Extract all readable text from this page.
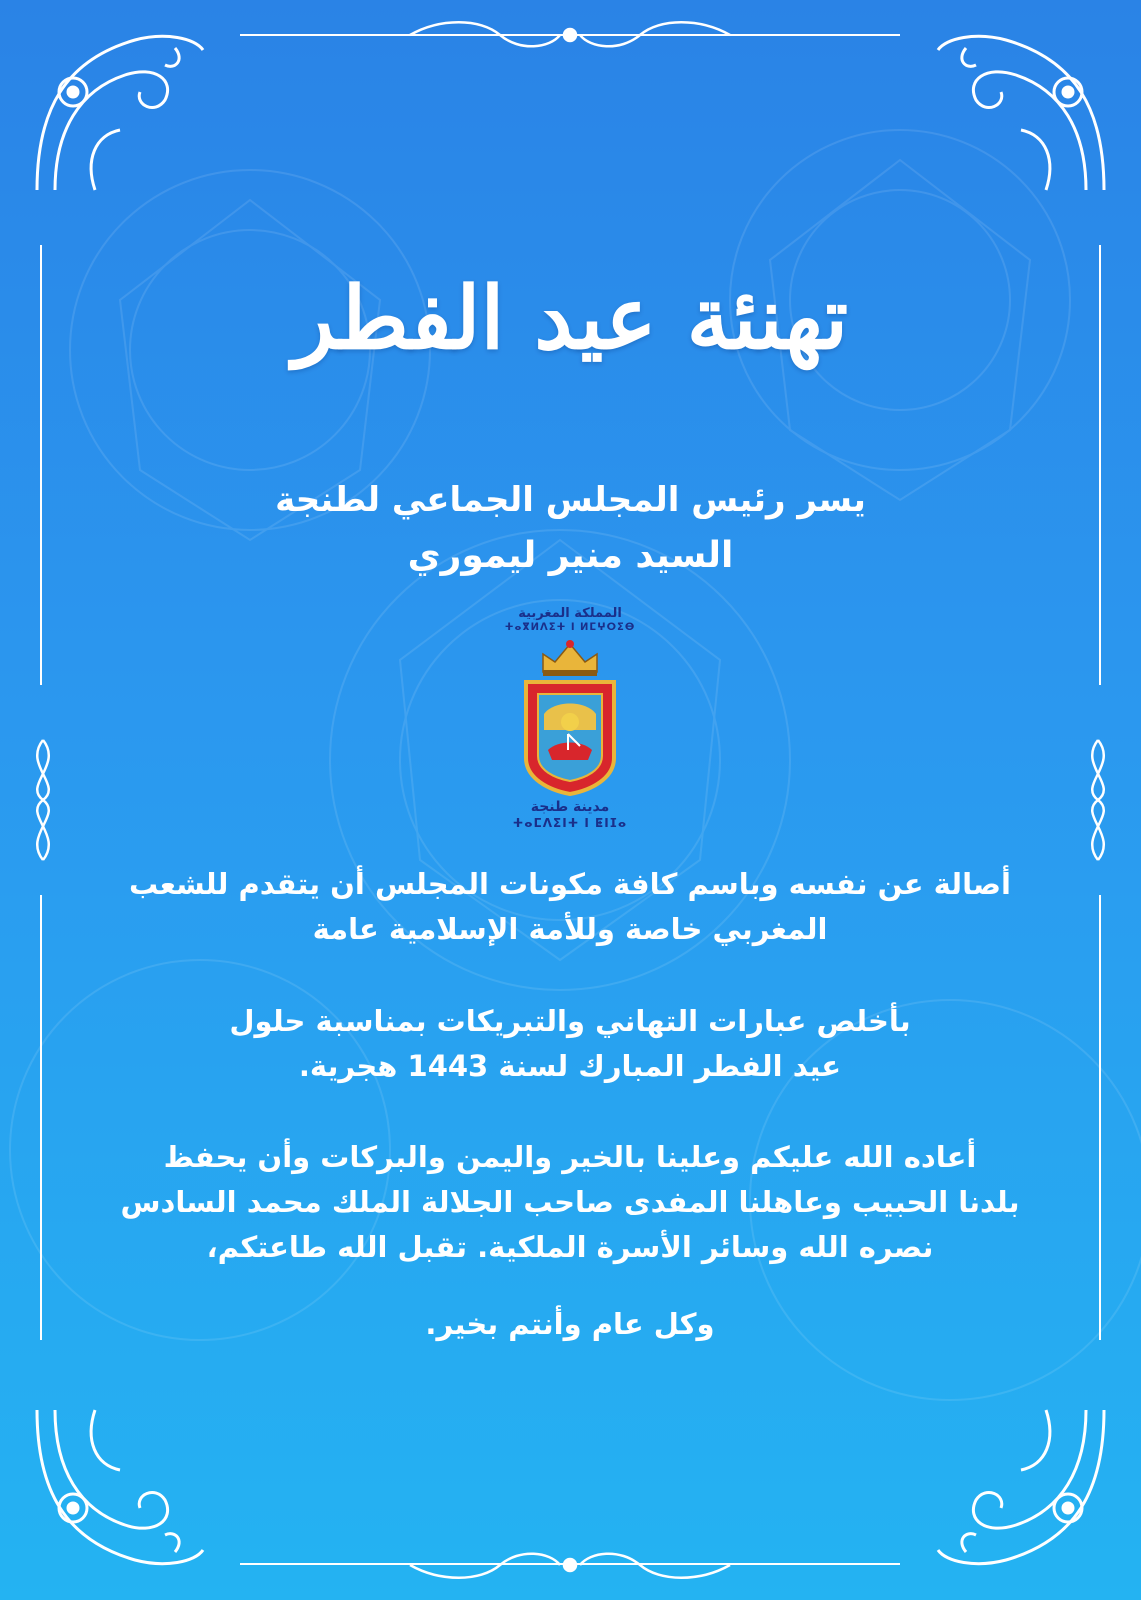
تهنئة عيد الفطر
يسر رئيس المجلس الجماعي لطنجة
السيد منير ليموري
المملكة المغربية
ⵜⴰⴳⵍⴷⵉⵜ ⵏ ⵍⵎⵖⵔⵉⴱ
مدينة طنجة
ⵜⴰⵎⴷⵉⵏⵜ ⵏ ⵟⵏⵊⴰ
أصالة عن نفسه وباسم كافة مكونات المجلس أن يتقدم للشعب
المغربي خاصة وللأمة الإسلامية عامة
بأخلص عبارات التهاني والتبريكات بمناسبة حلول
عيد الفطر المبارك لسنة 1443 هجرية.
أعاده الله عليكم وعلينا بالخير واليمن والبركات وأن يحفظ
بلدنا الحبيب وعاهلنا المفدى صاحب الجلالة الملك محمد السادس
نصره الله وسائر الأسرة الملكية. تقبل الله طاعتكم،
وكل عام وأنتم بخير.
